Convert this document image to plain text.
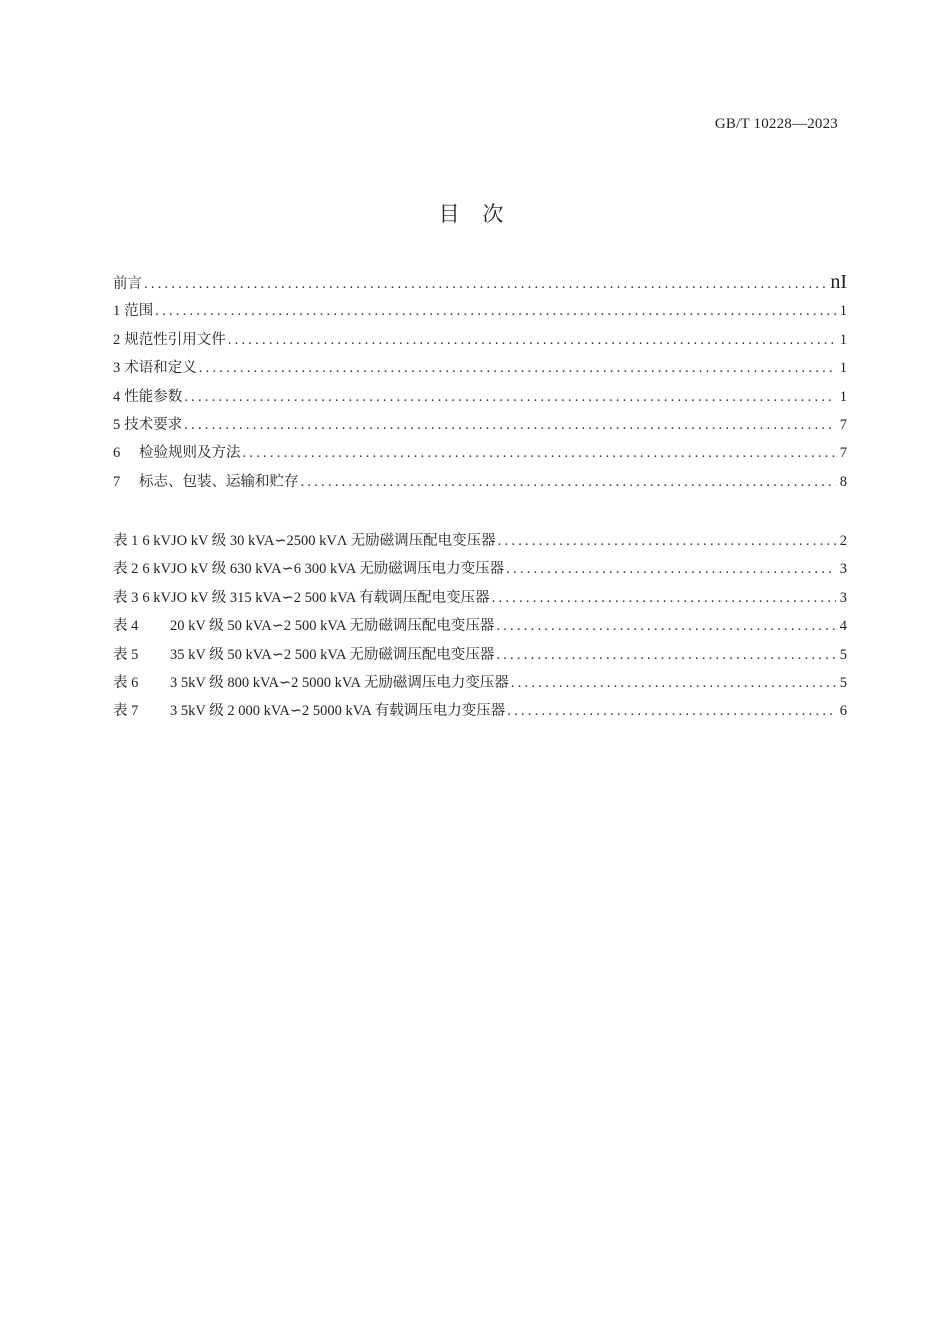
GB/T 10228—2023
目 次
前言 . . .	nI
1 范围 . . .	1
2 规范性引用文件 . . .	1
3 术语和定义 . . .	1
4 性能参数 . . .	1
5 技术要求 . . .	7
6	检验规则及方法 . . .	7
7	标志、包装、运输和贮存 . . .	8
表 1 6 kVJO kV 级 30 kVA∽2500 kVΛ 无励磁调压配电变压器 . . .	2
表 2 6 kVJO kV 级 630 kVA∽6 300 kVA 无励磁调压电力变压器 . . .	3
表 3 6 kVJO kV 级 315 kVA∽2 500 kVA 有载调压配电变压器 . . .	3
表 4	20 kV 级 50 kVA∽2 500 kVA 无励磁调压配电变压器 . . .	4
表 5	35 kV 级 50 kVA∽2 500 kVA 无励磁调压配电变压器 . . .	5
表 6	3 5kV 级 800 kVA∽2 5000 kVA 无励磁调压电力变压器 . . .	5
表 7	3 5kV 级 2 000 kVA∽2 5000 kVA 有载调压电力变压器 . . .	6
